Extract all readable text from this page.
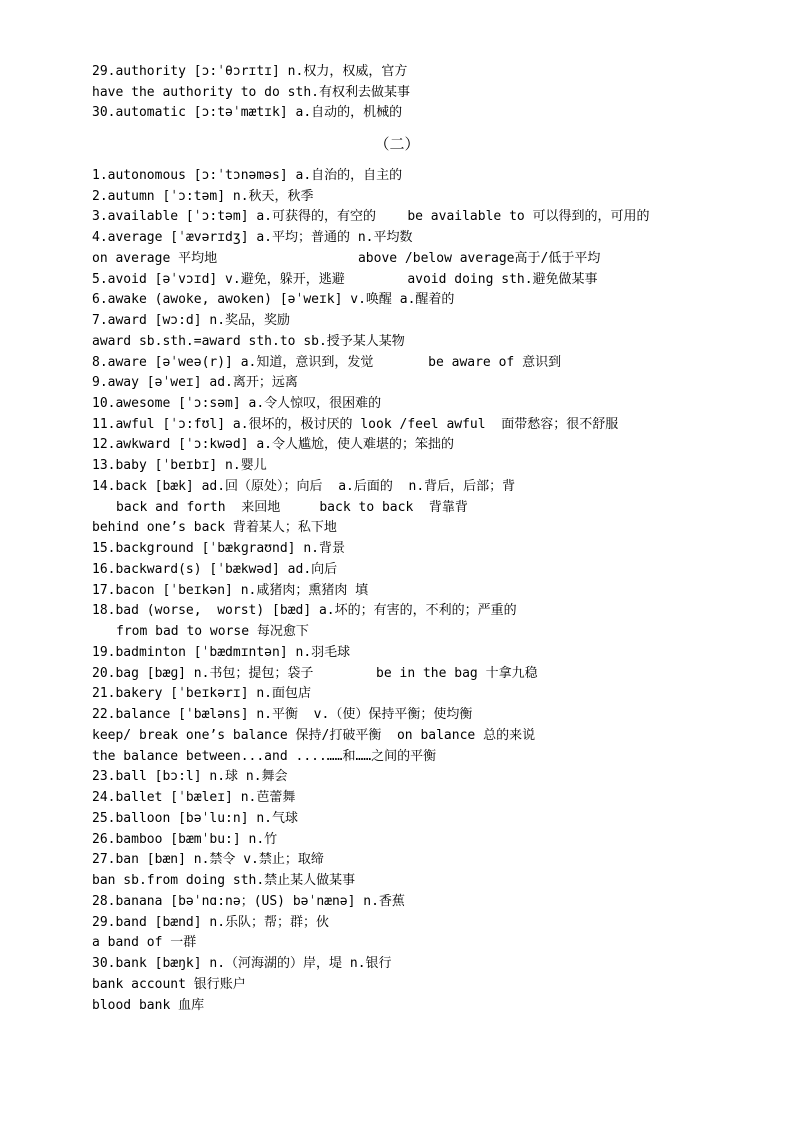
29.authority [ɔ:ˈθɔrɪtɪ] n.权力，权威，官方
have the authority to do sth.有权利去做某事
30.automatic [ɔ:təˈmætɪk] a.自动的，机械的
（二）
1.autonomous [ɔ:ˈtɔnəməs] a.自治的，自主的
2.autumn [ˈɔ:təm] n.秋天，秋季
3.available [ˈɔ:təm] a.可获得的，有空的    be available to 可以得到的，可用的
4.average [ˈævərɪdʒ] a.平均；普通的 n.平均数
on average 平均地                  above /below average高于/低于平均
5.avoid [əˈvɔɪd] v.避免，躲开，逃避        avoid doing sth.避免做某事
6.awake (awoke, awoken) [əˈweɪk] v.唤醒 a.醒着的
7.award [wɔ:d] n.奖品，奖励
award sb.sth.=award sth.to sb.授予某人某物
8.aware [əˈweə(r)] a.知道，意识到，发觉       be aware of 意识到
9.away [əˈweɪ] ad.离开；远离
10.awesome [ˈɔ:səm] a.令人惊叹，很困难的
11.awful [ˈɔ:fʊl] a.很坏的，极讨厌的 look /feel awful  面带愁容；很不舒服
12.awkward [ˈɔ:kwəd] a.令人尴尬，使人难堪的；笨拙的
13.baby [ˈbeɪbɪ] n.婴儿
14.back [bæk] ad.回（原处）；向后  a.后面的  n.背后，后部；背
back and forth  来回地     back to back  背靠背
behind one’s back 背着某人；私下地
15.background [ˈbækɡraʊnd] n.背景
16.backward(s) [ˈbækwəd] ad.向后
17.bacon [ˈbeɪkən] n.咸猪肉；熏猪肉 填
18.bad (worse,  worst) [bæd] a.坏的；有害的，不利的；严重的
from bad to worse 每况愈下
19.badminton [ˈbædmɪntən] n.羽毛球
20.bag [bæɡ] n.书包；提包；袋子        be in the bag 十拿九稳
21.bakery [ˈbeɪkərɪ] n.面包店
22.balance [ˈbæləns] n.平衡  v.（使）保持平衡；使均衡
keep/ break one’s balance 保持/打破平衡  on balance 总的来说
the balance between...and ....……和……之间的平衡
23.ball [bɔ:l] n.球 n.舞会
24.ballet [ˈbæleɪ] n.芭蕾舞
25.balloon [bəˈlu:n] n.气球
26.bamboo [bæmˈbu:] n.竹
27.ban [bæn] n.禁令 v.禁止；取缔
ban sb.from doing sth.禁止某人做某事
28.banana [bəˈnɑ:nə；(US) bəˈnænə] n.香蕉
29.band [bænd] n.乐队；帮；群；伙
a band of 一群
30.bank [bæŋk] n.（河海湖的）岸，堤 n.银行
bank account 银行账户
blood bank 血库
